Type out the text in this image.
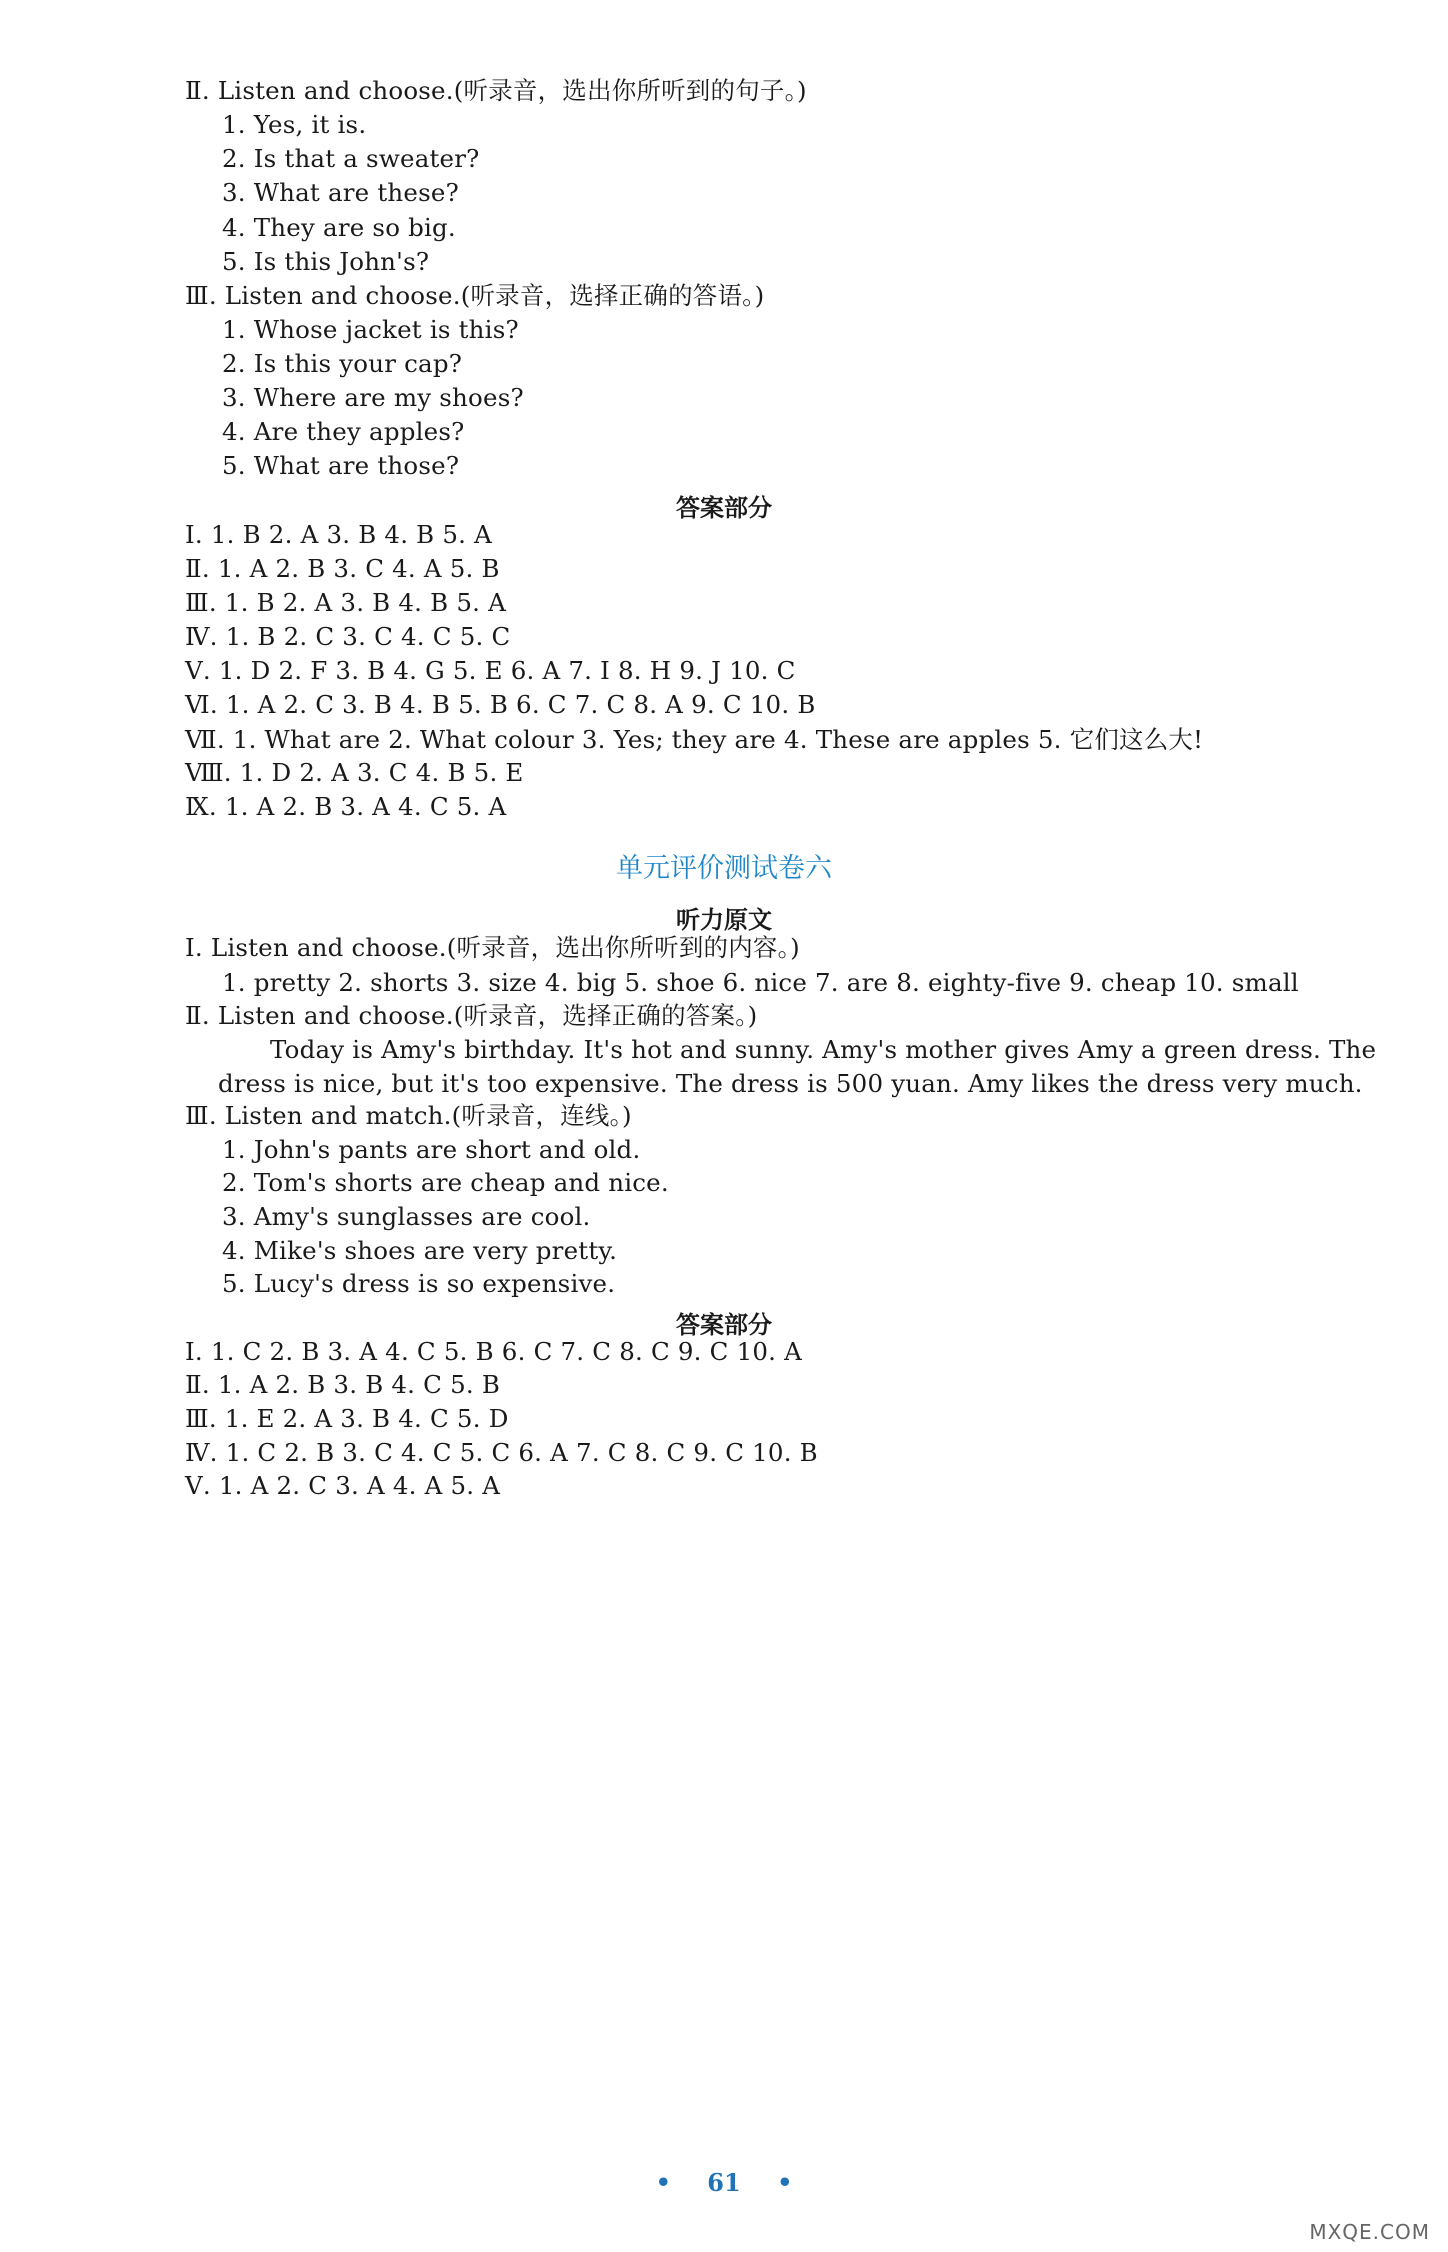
Ⅱ. Listen and choose.(听录音，选出你所听到的句子。)
1. Yes, it is.
2. Is that a sweater?
3. What are these?
4. They are so big.
5. Is this John's?
Ⅲ. Listen and choose.(听录音，选择正确的答语。)
1. Whose jacket is this?
2. Is this your cap?
3. Where are my shoes?
4. Are they apples?
5. What are those?
答案部分
Ⅰ. 1. B 2. A 3. B 4. B 5. A
Ⅱ. 1. A 2. B 3. C 4. A 5. B
Ⅲ. 1. B 2. A 3. B 4. B 5. A
Ⅳ. 1. B 2. C 3. C 4. C 5. C
Ⅴ. 1. D 2. F 3. B 4. G 5. E 6. A 7. I 8. H 9. J 10. C
Ⅵ. 1. A 2. C 3. B 4. B 5. B 6. C 7. C 8. A 9. C 10. B
Ⅶ. 1. What are 2. What colour 3. Yes; they are 4. These are apples 5. 它们这么大!
Ⅷ. 1. D 2. A 3. C 4. B 5. E
Ⅸ. 1. A 2. B 3. A 4. C 5. A
单元评价测试卷六
听力原文
Ⅰ. Listen and choose.(听录音，选出你所听到的内容。)
1. pretty 2. shorts 3. size 4. big 5. shoe 6. nice 7. are 8. eighty-five 9. cheap 10. small
Ⅱ. Listen and choose.(听录音，选择正确的答案。)
Today is Amy's birthday. It's hot and sunny. Amy's mother gives Amy a green dress. The
dress is nice, but it's too expensive. The dress is 500 yuan. Amy likes the dress very much.
Ⅲ. Listen and match.(听录音，连线。)
1. John's pants are short and old.
2. Tom's shorts are cheap and nice.
3. Amy's sunglasses are cool.
4. Mike's shoes are very pretty.
5. Lucy's dress is so expensive.
答案部分
Ⅰ. 1. C 2. B 3. A 4. C 5. B 6. C 7. C 8. C 9. C 10. A
Ⅱ. 1. A 2. B 3. B 4. C 5. B
Ⅲ. 1. E 2. A 3. B 4. C 5. D
Ⅳ. 1. C 2. B 3. C 4. C 5. C 6. A 7. C 8. C 9. C 10. B
Ⅴ. 1. A 2. C 3. A 4. A 5. A
• 61 •
MXQE.COM
